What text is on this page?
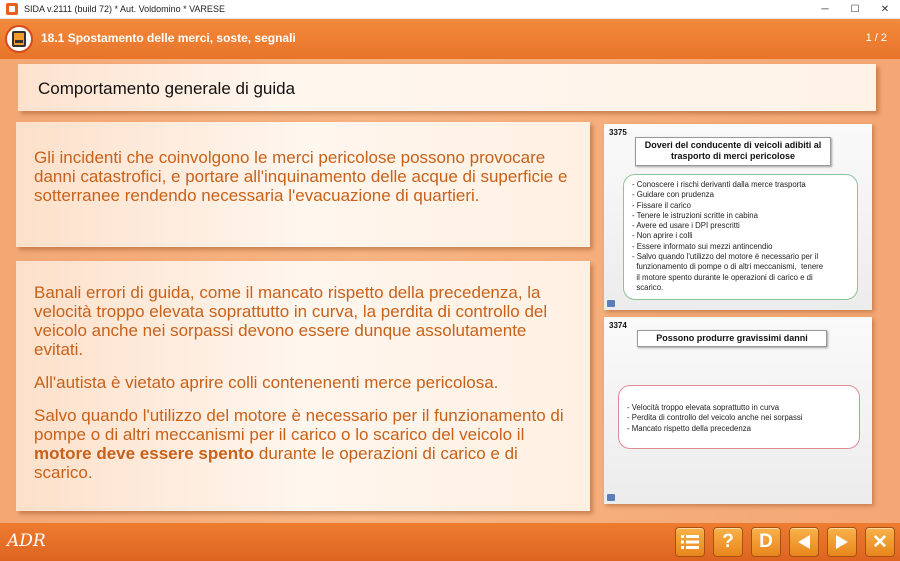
SIDA v.2111 (build 72) * Aut. Voldomino * VARESE	─	☐	✕
18.1 Spostamento delle merci, soste, segnali	1 / 2
Comportamento generale di guida

Gli incidenti che coinvolgono le merci pericolose possono provocare danni catastrofici, e portare all'inquinamento delle acque di superficie e sotterranee rendendo necessaria l'evacuazione di quartieri.

Banali errori di guida, come il mancato rispetto della precedenza, la velocità troppo elevata soprattutto in curva, la perdita di controllo del veicolo anche nei sorpassi devono essere dunque assolutamente evitati.

All'autista è vietato aprire colli contenenenti merce pericolosa.

Salvo quando l'utilizzo del motore è necessario per il funzionamento di pompe o di altri meccanismi per il carico o lo scarico del veicolo il motore deve essere spento durante le operazioni di carico e di scarico.

3375
Doveri del conducente di veicoli adibiti al trasporto di merci pericolose
- Conoscere i rischi derivanti dalla merce trasporta
- Guidare con prudenza
- Fissare il carico
- Tenere le istruzioni scritte in cabina
- Avere ed usare i DPI prescritti
- Non aprire i colli
- Essere informato sui mezzi antincendio
- Salvo quando l'utilizzo del motore è necessario per il
funzionamento di pompe o di altri meccanismi,  tenere
il motore spento durante le operazioni di carico e di
scarico.
3374
Possono produrre gravissimi danni
- Velocità troppo elevata soprattutto in curva
- Perdita di controllo del veicolo anche nei sorpassi
- Mancato rispetto della precedenza
ADR	?	D	✕
